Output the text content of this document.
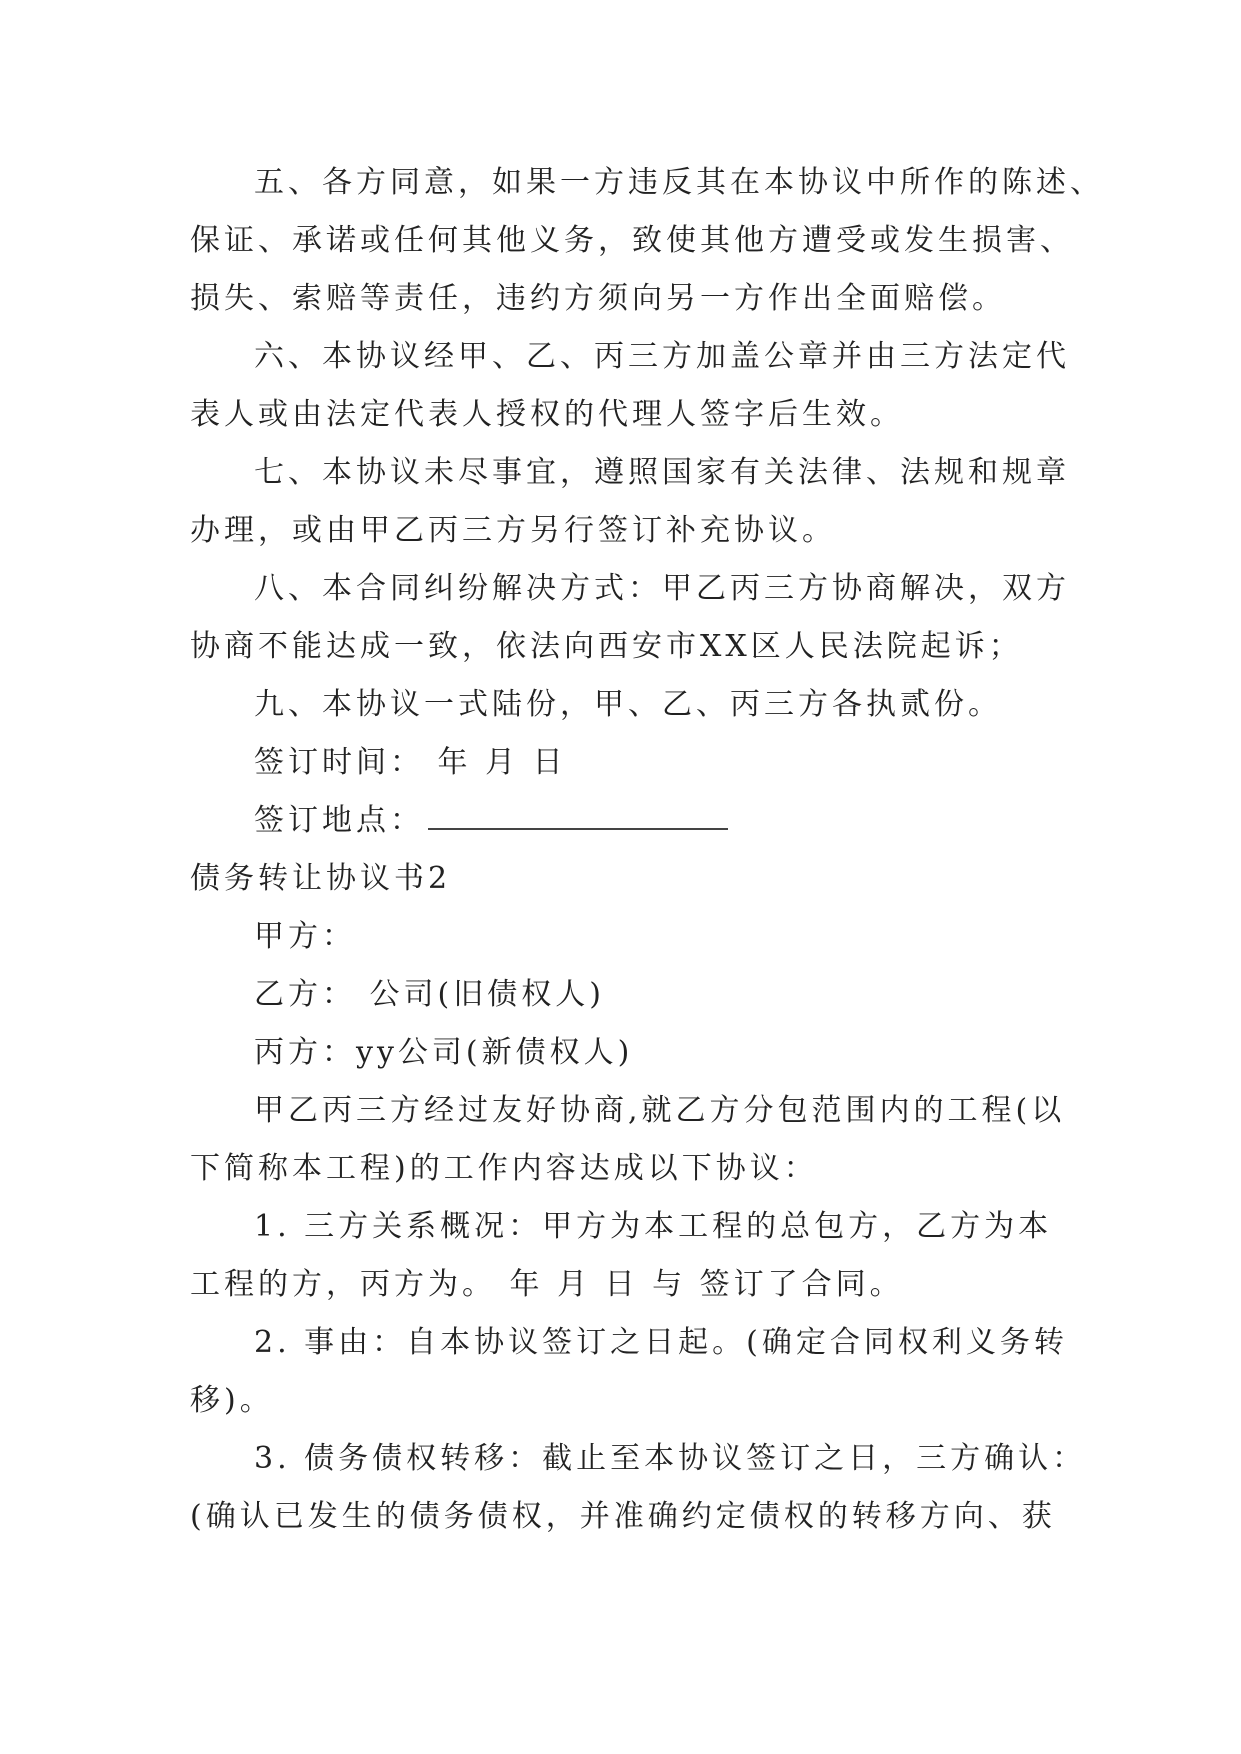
五、各方同意，如果一方违反其在本协议中所作的陈述、

保证、承诺或任何其他义务，致使其他方遭受或发生损害、

损失、索赔等责任，违约方须向另一方作出全面赔偿。

六、本协议经甲、乙、丙三方加盖公章并由三方法定代

表人或由法定代表人授权的代理人签字后生效。

七、本协议未尽事宜，遵照国家有关法律、法规和规章

办理，或由甲乙丙三方另行签订补充协议。

八、本合同纠纷解决方式：甲乙丙三方协商解决，双方

协商不能达成一致，依法向西安市XX区人民法院起诉；

九、本协议一式陆份，甲、乙、丙三方各执贰份。

签订时间： 年 月 日

签订地点：

债务转让协议书2

甲方：

乙方： 公司(旧债权人)

丙方：yy公司(新债权人)

甲乙丙三方经过友好协商,就乙方分包范围内的工程(以

下简称本工程)的工作内容达成以下协议：

1. 三方关系概况：甲方为本工程的总包方，乙方为本

工程的方，丙方为。 年 月 日 与 签订了合同。

2. 事由：自本协议签订之日起。(确定合同权利义务转

移)。

3. 债务债权转移：截止至本协议签订之日，三方确认：

(确认已发生的债务债权，并准确约定债权的转移方向、获
